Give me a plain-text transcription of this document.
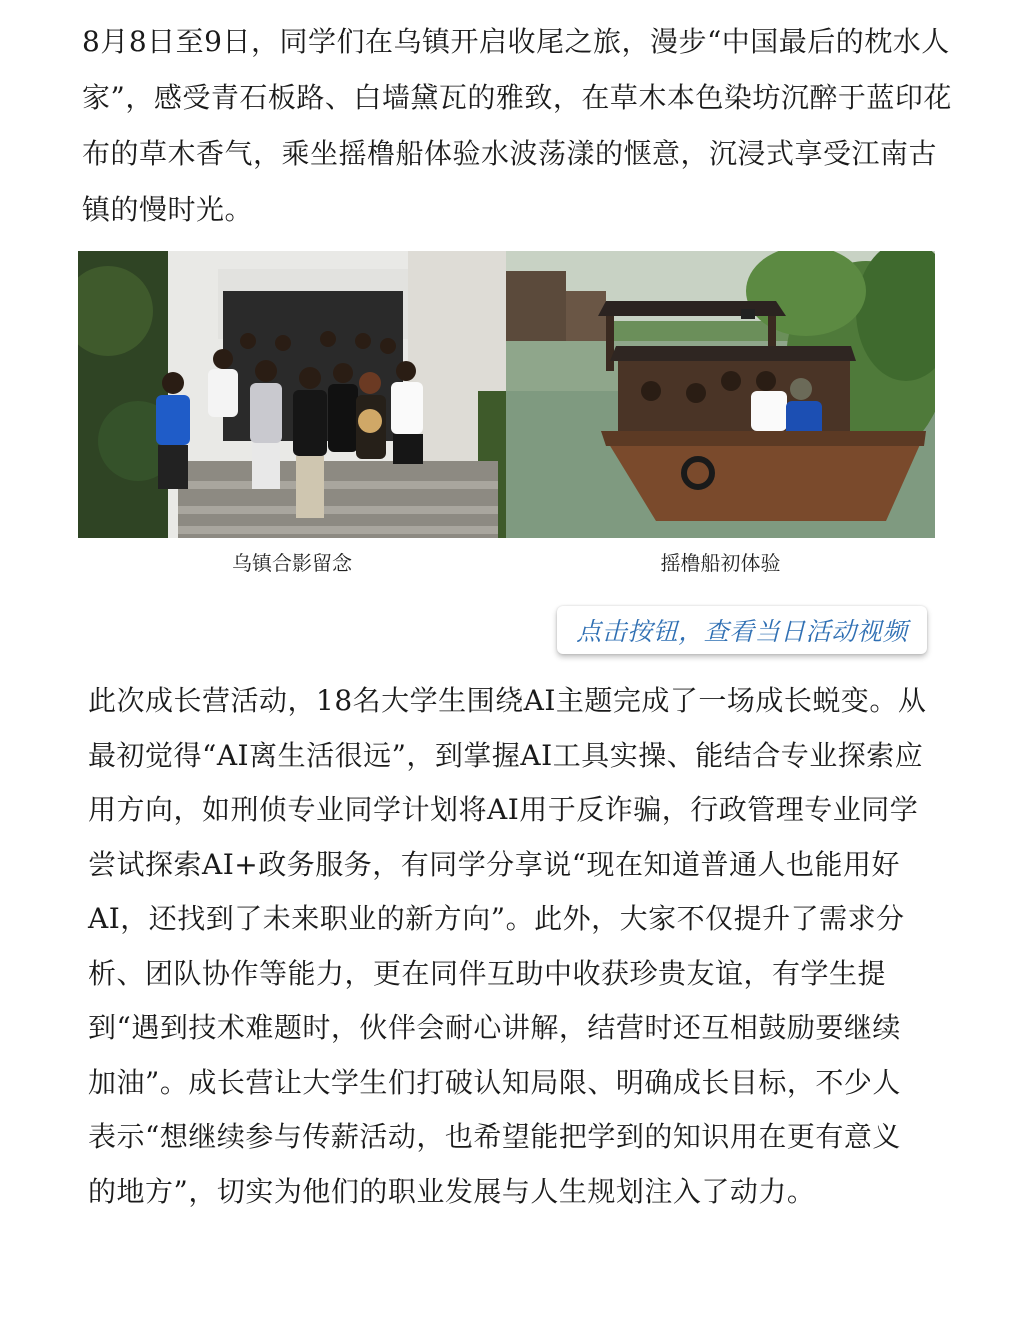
8月8日至9日，同学们在乌镇开启收尾之旅，漫步“中国最后的枕水人家”，感受青石板路、白墙黛瓦的雅致，在草木本色染坊沉醉于蓝印花布的草木香气，乘坐摇橹船体验水波荡漾的惬意，沉浸式享受江南古镇的慢时光。

乌镇合影留念	摇橹船初体验
点击按钮，查看当日活动视频

此次成长营活动，18名大学生围绕AI主题完成了一场成长蜕变。从最初觉得“AI离生活很远”，到掌握AI工具实操、能结合专业探索应用方向，如刑侦专业同学计划将AI用于反诈骗，行政管理专业同学尝试探索AI+政务服务，有同学分享说“现在知道普通人也能用好AI，还找到了未来职业的新方向”。此外，大家不仅提升了需求分析、团队协作等能力，更在同伴互助中收获珍贵友谊，有学生提到“遇到技术难题时，伙伴会耐心讲解，结营时还互相鼓励要继续加油”。成长营让大学生们打破认知局限、明确成长目标，不少人表示“想继续参与传薪活动，也希望能把学到的知识用在更有意义的地方”，切实为他们的职业发展与人生规划注入了动力。
